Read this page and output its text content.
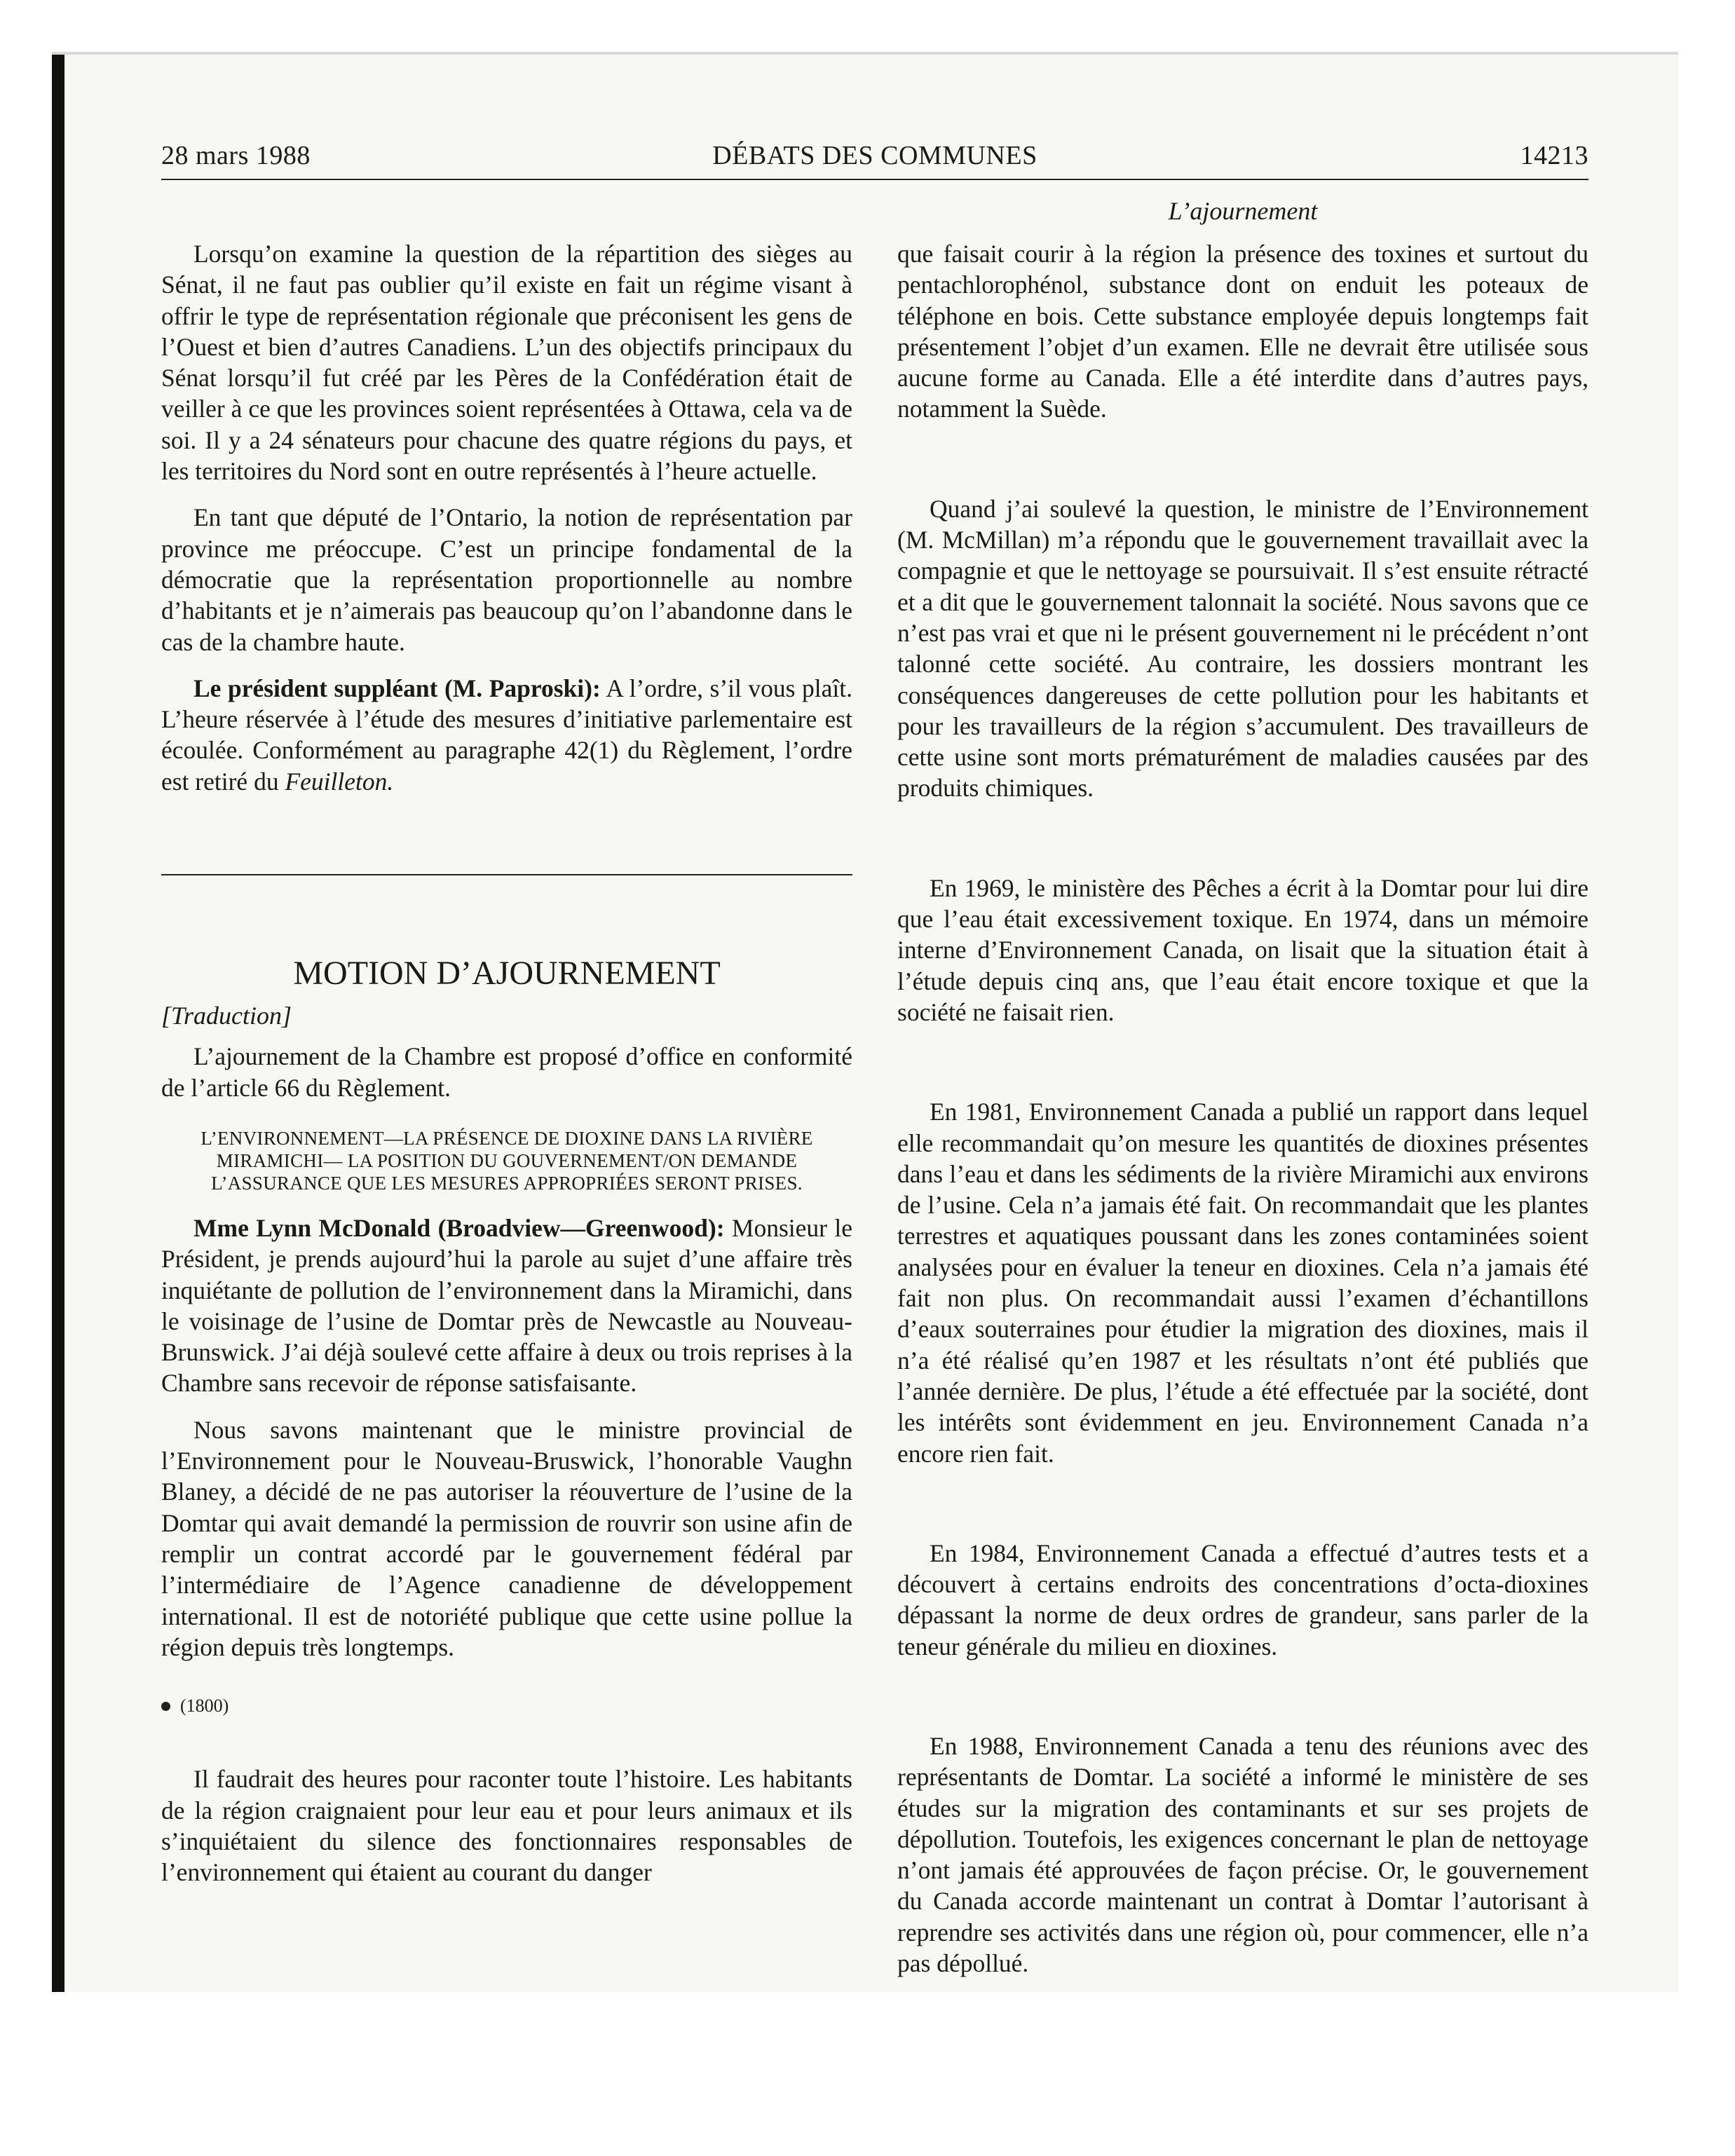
28 mars 1988	DÉBATS DES COMMUNES	14213
L’ajournement

Lorsqu’on examine la question de la répartition des sièges au Sénat, il ne faut pas oublier qu’il existe en fait un régime visant à offrir le type de représentation régionale que préconisent les gens de l’Ouest et bien d’autres Canadiens. L’un des objectifs principaux du Sénat lorsqu’il fut créé par les Pères de la Confédération était de veiller à ce que les provinces soient représentées à Ottawa, cela va de soi. Il y a 24 sénateurs pour chacune des quatre régions du pays, et les territoires du Nord sont en outre représentés à l’heure actuelle.

En tant que député de l’Ontario, la notion de représentation par province me préoccupe. C’est un principe fondamental de la démocratie que la représentation proportionnelle au nombre d’habitants et je n’aimerais pas beaucoup qu’on l’abandonne dans le cas de la chambre haute.

Le président suppléant (M. Paproski): A l’ordre, s’il vous plaît. L’heure réservée à l’étude des mesures d’initiative parlementaire est écoulée. Conformément au paragraphe 42(1) du Règlement, l’ordre est retiré du Feuilleton.

MOTION D’AJOURNEMENT

[Traduction]

L’ajournement de la Chambre est proposé d’office en conformité de l’article 66 du Règlement.

L’ENVIRONNEMENT—LA PRÉSENCE DE DIOXINE DANS LA RIVIÈRE MIRAMICHI— LA POSITION DU GOUVERNEMENT/ON DEMANDE L’ASSURANCE QUE LES MESURES APPROPRIÉES SERONT PRISES.

Mme Lynn McDonald (Broadview—Greenwood): Monsieur le Président, je prends aujourd’hui la parole au sujet d’une affaire très inquiétante de pollution de l’environnement dans la Miramichi, dans le voisinage de l’usine de Domtar près de Newcastle au Nouveau-Brunswick. J’ai déjà soulevé cette affaire à deux ou trois reprises à la Chambre sans recevoir de réponse satisfaisante.

Nous savons maintenant que le ministre provincial de l’Environnement pour le Nouveau-Bruswick, l’honorable Vaughn Blaney, a décidé de ne pas autoriser la réouverture de l’usine de la Domtar qui avait demandé la permission de rouvrir son usine afin de remplir un contrat accordé par le gouvernement fédéral par l’intermédiaire de l’Agence canadienne de développement international. Il est de notoriété publique que cette usine pollue la région depuis très longtemps.

(1800)

Il faudrait des heures pour raconter toute l’histoire. Les habitants de la région craignaient pour leur eau et pour leurs animaux et ils s’inquiétaient du silence des fonctionnaires responsables de l’environnement qui étaient au courant du danger

que faisait courir à la région la présence des toxines et surtout du pentachlorophénol, substance dont on enduit les poteaux de téléphone en bois. Cette substance employée depuis longtemps fait présentement l’objet d’un examen. Elle ne devrait être utilisée sous aucune forme au Canada. Elle a été interdite dans d’autres pays, notamment la Suède.

Quand j’ai soulevé la question, le ministre de l’Environnement (M. McMillan) m’a répondu que le gouvernement travaillait avec la compagnie et que le nettoyage se poursuivait. Il s’est ensuite rétracté et a dit que le gouvernement talonnait la société. Nous savons que ce n’est pas vrai et que ni le présent gouvernement ni le précédent n’ont talonné cette société. Au contraire, les dossiers montrant les conséquences dangereuses de cette pollution pour les habitants et pour les travailleurs de la région s’accumulent. Des travailleurs de cette usine sont morts prématurément de maladies causées par des produits chimiques.

En 1969, le ministère des Pêches a écrit à la Domtar pour lui dire que l’eau était excessivement toxique. En 1974, dans un mémoire interne d’Environnement Canada, on lisait que la situation était à l’étude depuis cinq ans, que l’eau était encore toxique et que la société ne faisait rien.

En 1981, Environnement Canada a publié un rapport dans lequel elle recommandait qu’on mesure les quantités de dioxines présentes dans l’eau et dans les sédiments de la rivière Miramichi aux environs de l’usine. Cela n’a jamais été fait. On recommandait que les plantes terrestres et aquatiques poussant dans les zones contaminées soient analysées pour en évaluer la teneur en dioxines. Cela n’a jamais été fait non plus. On recommandait aussi l’examen d’échantillons d’eaux souterraines pour étudier la migration des dioxines, mais il n’a été réalisé qu’en 1987 et les résultats n’ont été publiés que l’année dernière. De plus, l’étude a été effectuée par la société, dont les intérêts sont évidemment en jeu. Environnement Canada n’a encore rien fait.

En 1984, Environnement Canada a effectué d’autres tests et a découvert à certains endroits des concentrations d’octa-dioxines dépassant la norme de deux ordres de grandeur, sans parler de la teneur générale du milieu en dioxines.

En 1988, Environnement Canada a tenu des réunions avec des représentants de Domtar. La société a informé le ministère de ses études sur la migration des contaminants et sur ses projets de dépollution. Toutefois, les exigences concernant le plan de nettoyage n’ont jamais été approuvées de façon précise. Or, le gouvernement du Canada accorde maintenant un contrat à Domtar l’autorisant à reprendre ses activités dans une région où, pour commencer, elle n’a pas dépollué.
